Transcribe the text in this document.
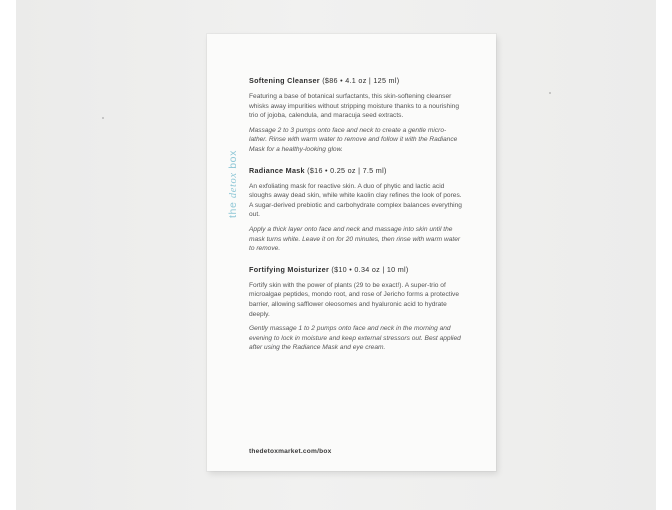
the detox box
Softening Cleanser ($86 • 4.1 oz | 125 ml)

Featuring a base of botanical surfactants, this skin-softening cleanser whisks away impurities without stripping moisture thanks to a nourishing trio of jojoba, calendula, and maracuja seed extracts.

Massage 2 to 3 pumps onto face and neck to create a gentle micro-lather. Rinse with warm water to remove and follow it with the Radiance Mask for a healthy-looking glow.

Radiance Mask ($16 • 0.25 oz | 7.5 ml)

An exfoliating mask for reactive skin. A duo of phytic and lactic acid sloughs away dead skin, while white kaolin clay refines the look of pores. A sugar-derived prebiotic and carbohydrate complex balances everything out.

Apply a thick layer onto face and neck and massage into skin until the mask turns white. Leave it on for 20 minutes, then rinse with warm water to remove.

Fortifying Moisturizer ($10 • 0.34 oz | 10 ml)

Fortify skin with the power of plants (29 to be exact!). A super-trio of microalgae peptides, mondo root, and rose of Jericho forms a protective barrier, allowing safflower oleosomes and hyaluronic acid to hydrate deeply.

Gently massage 1 to 2 pumps onto face and neck in the morning and evening to lock in moisture and keep external stressors out. Best applied after using the Radiance Mask and eye cream.

thedetoxmarket.com/box
